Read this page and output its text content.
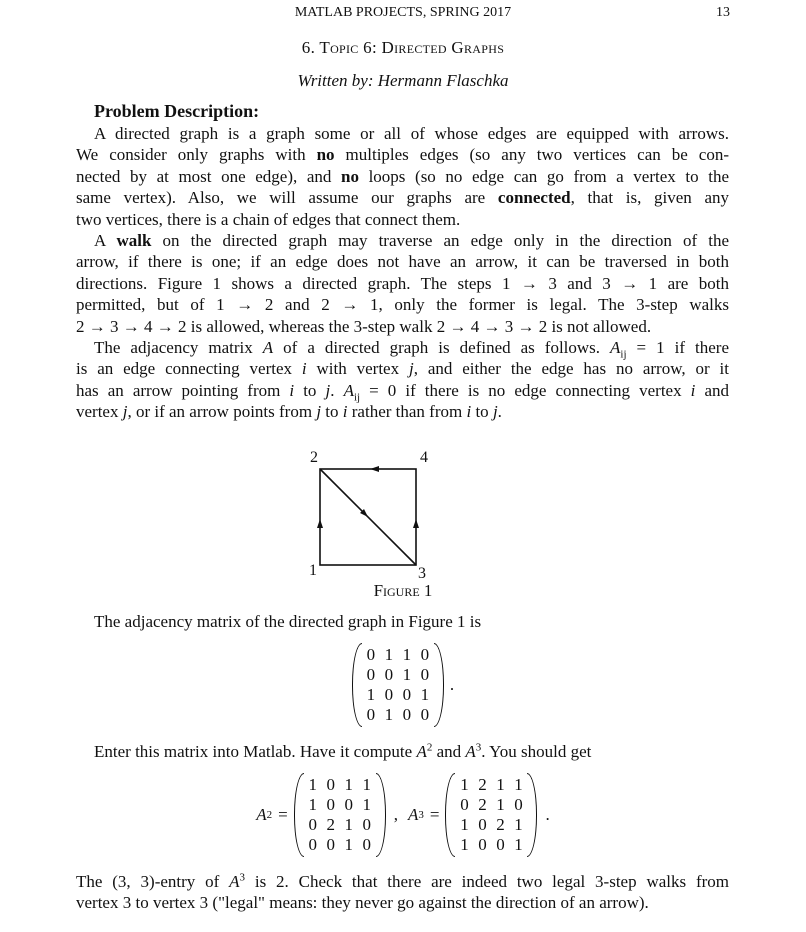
MATLAB PROJECTS, SPRING 2017	13
6. Topic 6: Directed Graphs
Written by: Hermann Flaschka
Problem Description:
A directed graph is a graph some or all of whose edges are equipped with arrows.
We consider only graphs with no multiples edges (so any two vertices can be con-
nected by at most one edge), and no loops (so no edge can go from a vertex to the
same vertex). Also, we will assume our graphs are connected, that is, given any
two vertices, there is a chain of edges that connect them.
A walk on the directed graph may traverse an edge only in the direction of the
arrow, if there is one; if an edge does not have an arrow, it can be traversed in both
directions. Figure 1 shows a directed graph. The steps 1 → 3 and 3 → 1 are both
permitted, but of 1 → 2 and 2 → 1, only the former is legal. The 3-step walks
2 → 3 → 4 → 2 is allowed, whereas the 3-step walk 2 → 4 → 3 → 2 is not allowed.
The adjacency matrix A of a directed graph is defined as follows. $A_{ij} = 1$ if there
is an edge connecting vertex i with vertex j, and either the edge has no arrow, or it
has an arrow pointing from i to j. $A_{ij} = 0$ if there is no edge connecting vertex i and
vertex j, or if an arrow points from j to i rather than from i to j.
2	4
1	3
Figure 1
The adjacency matrix of the directed graph in Figure 1 is
0 1 1 0
0 0 1 0
1 0 0 1
0 1 0 0
.
Enter this matrix into Matlab. Have it compute $A^2$ and $A^3$. You should get
A 2 =
1 0 1 1
1 0 0 1
0 2 1 0
0 0 1 0
, A 3 =
1 2 1 1
0 2 1 0
1 0 2 1
1 0 0 1
.
The (3, 3)-entry of $A^3$ is 2. Check that there are indeed two legal 3-step walks from
vertex 3 to vertex 3 ("legal" means: they never go against the direction of an arrow).
